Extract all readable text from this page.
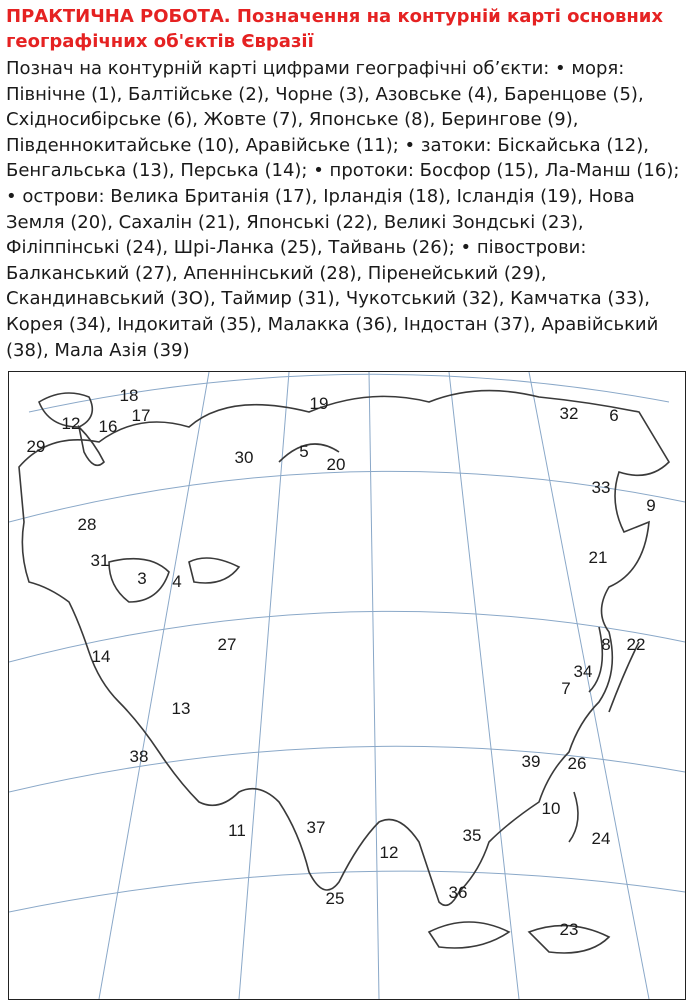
ПРАКТИЧНА РОБОТА. Позначення на контурній карті основних географічних об'єктів Євразії

Познач на контурній карті цифрами географічні об’єкти: • моря: Північне (1), Балтійське (2), Чорне (3), Азовське (4), Баренцове (5), Східносибірське (6), Жовте (7), Японське (8), Берингове (9), Південнокитайське (10), Аравійське (11); • затоки: Біскайська (12), Бенгальська (13), Перська (14); • протоки: Босфор (15), Ла-Манш (16); • острови: Велика Британія (17), Ірландія (18), Ісландія (19), Нова Земля (20), Сахалін (21), Японські (22), Великі Зондські (23), Філіппінські (24), Шрі-Ланка (25), Тайвань (26); • півострови: Балканський (27), Апеннінський (28), Піренейський (29), Скандинавський (3О), Таймир (31), Чукотський (32), Камчатка (33), Корея (34), Індокитай (35), Малакка (36), Індостан (37), Аравійський (38), Мала Азія (39)

18
17
12 16
29
19
30	5
20
32 6
33
9
28
31
3 4
21
27	8 22
14
34
7
13
38	39 26
10
11	37	35	24
12
36
25
23
